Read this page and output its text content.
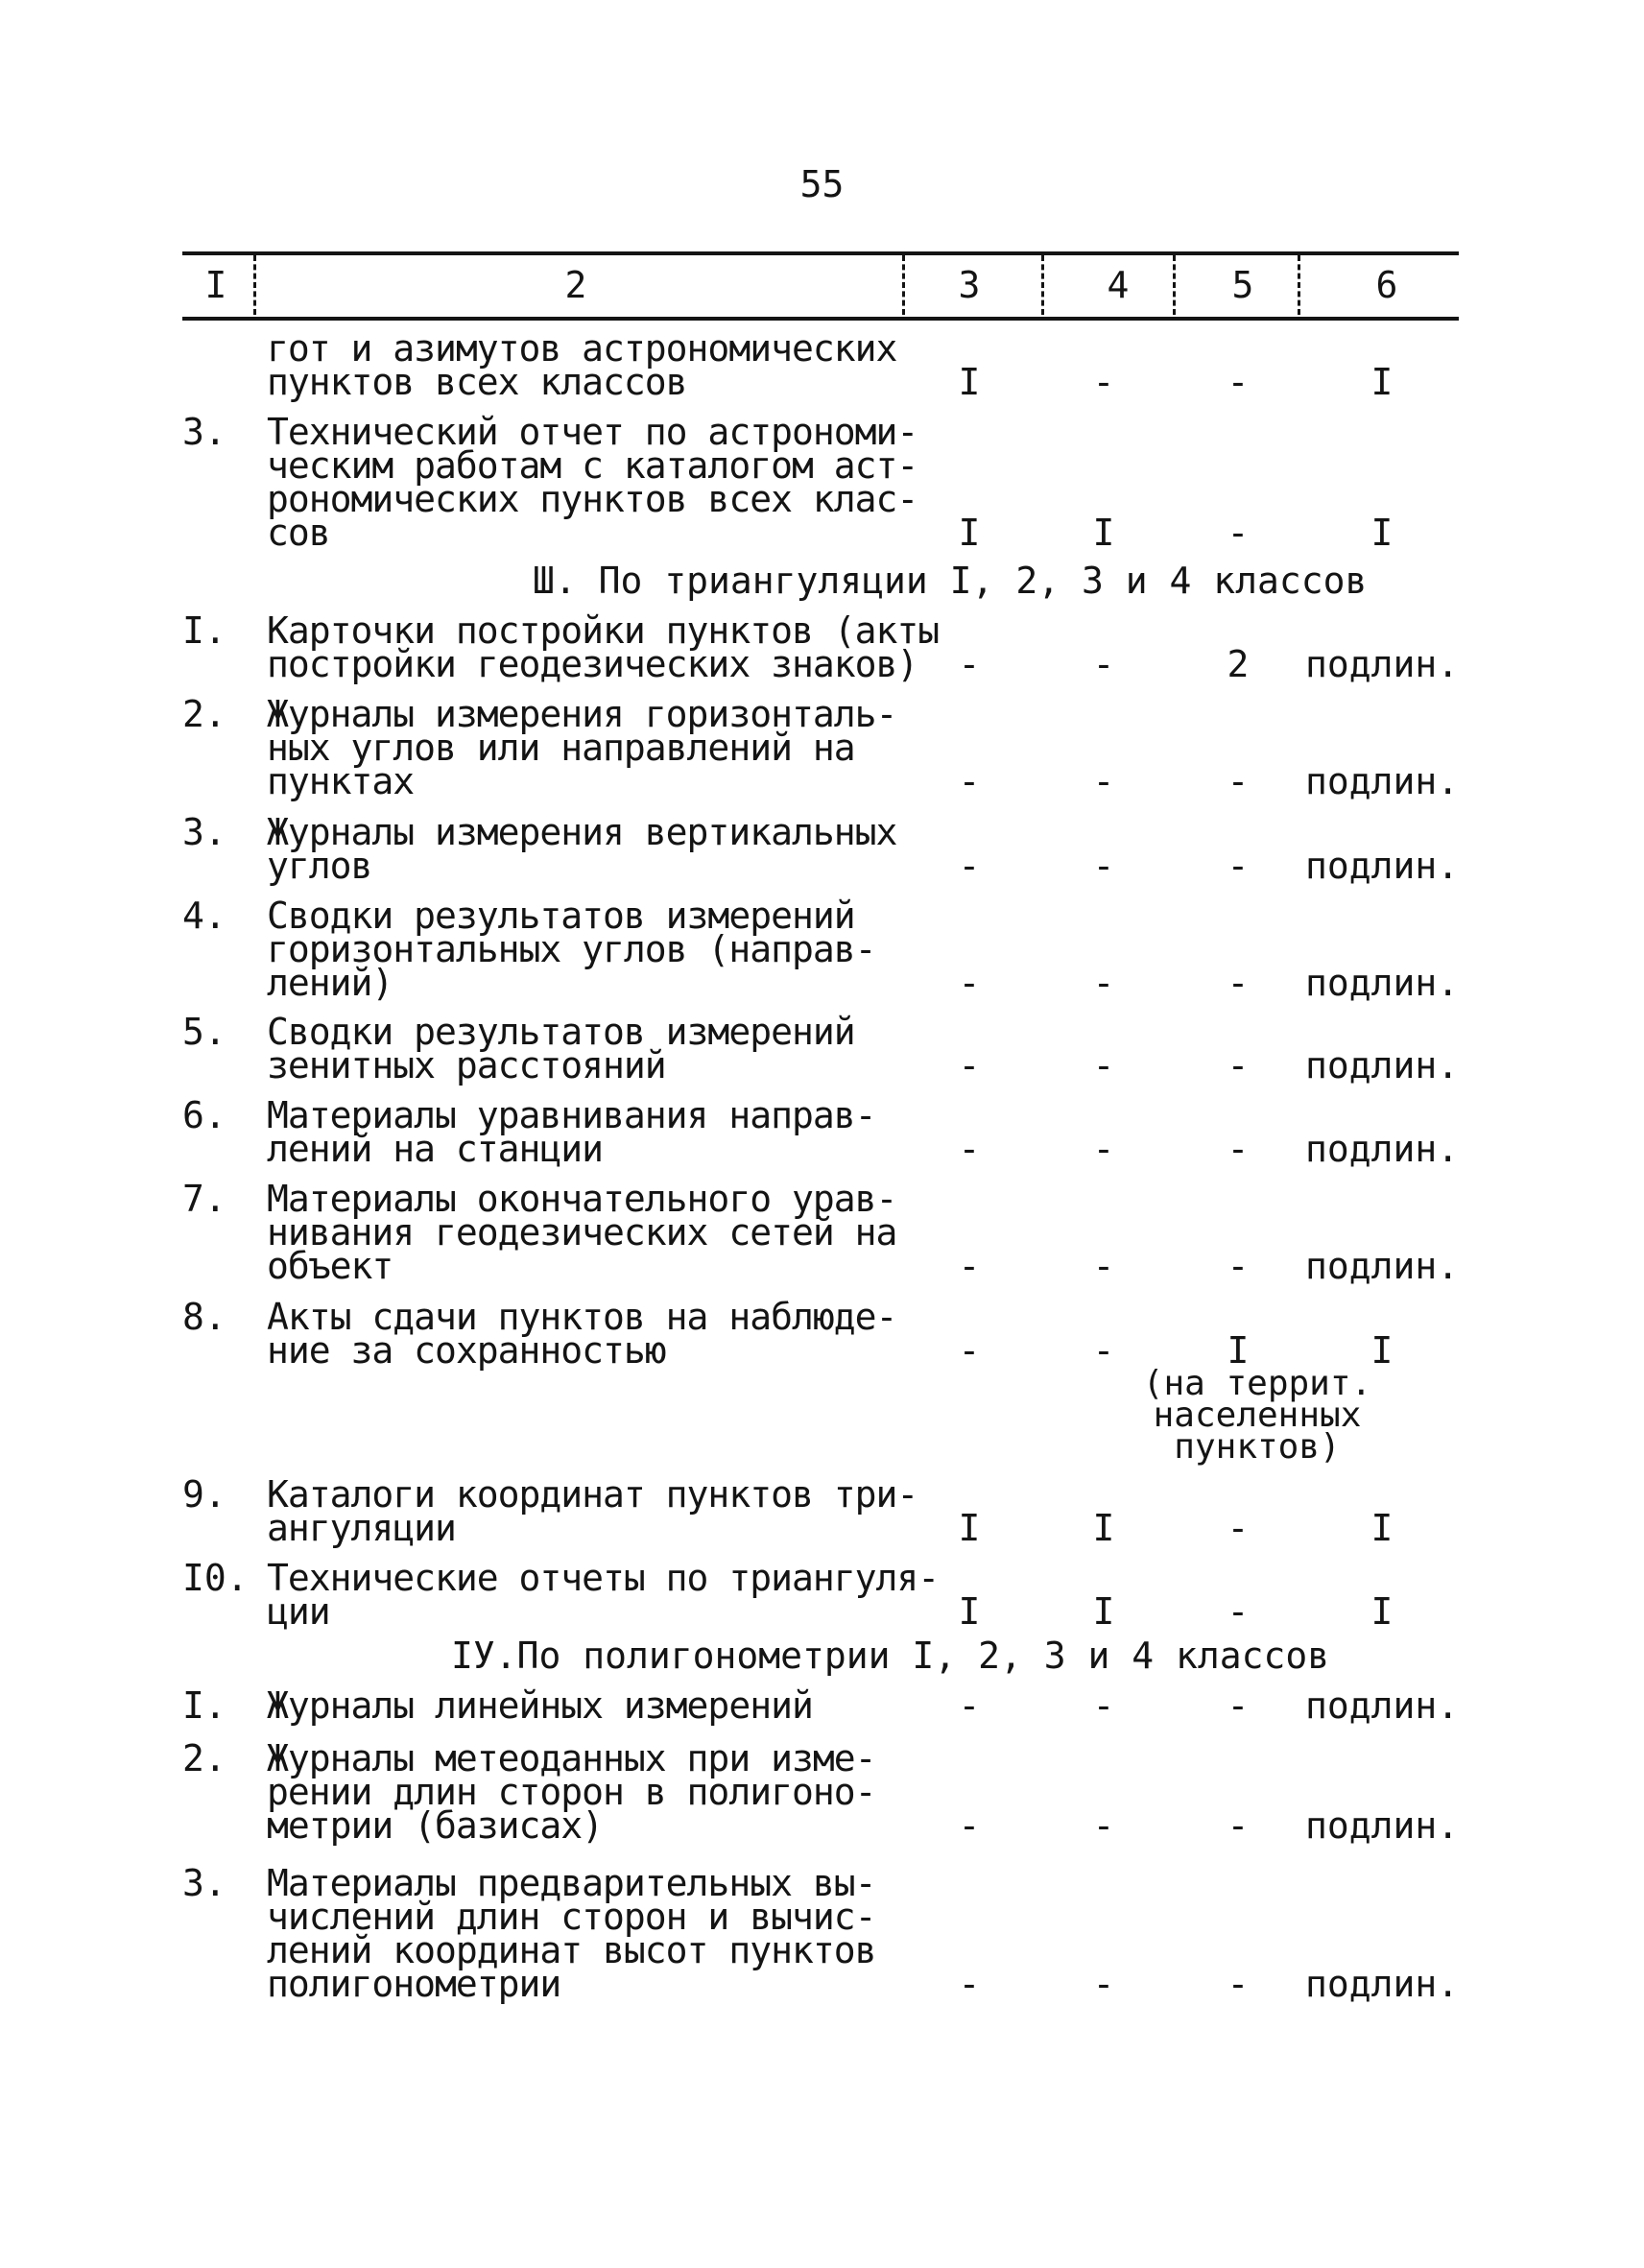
55
I	2	3	4	5	6
гот и азимутов астрономических
пунктов всех классов	I	-	-	I
3.	Технический отчет по астрономи-
ческим работам с каталогом аст-
рономических пунктов всех клас-
сов	I	I	-	I
Ш. По триангуляции I, 2, 3 и 4 классов
I.	Карточки постройки пунктов (акты
постройки геодезических знаков)	-	-	2	подлин.
2.	Журналы измерения горизонталь-
ных углов или направлений на
пунктах	-	-	-	подлин.
3.	Журналы измерения вертикальных
углов	-	-	-	подлин.
4.	Сводки результатов измерений
горизонтальных углов (направ-
лений)	-	-	-	подлин.
5.	Сводки результатов измерений
зенитных расстояний	-	-	-	подлин.
6.	Материалы уравнивания направ-
лений на станции	-	-	-	подлин.
7.	Материалы окончательного урав-
нивания геодезических сетей на
объект	-	-	-	подлин.
8.	Акты сдачи пунктов на наблюде-
ние за сохранностью	-	-	I	I
(на террит.
населенных
пунктов)
9.	Каталоги координат пунктов три-
ангуляции	I	I	-	I
I0. Технические отчеты по триангуля-
ции	I	I	-	I
IУ.По полигонометрии I, 2, 3 и 4 классов
I.	Журналы линейных измерений	-	-	-	подлин.
2.	Журналы метеоданных при изме-
рении длин сторон в полигоно-
метрии (базисах)	-	-	-	подлин.
3.	Материалы предварительных вы-
числений длин сторон и вычис-
лений координат высот пунктов
полигонометрии	-	-	-	подлин.
